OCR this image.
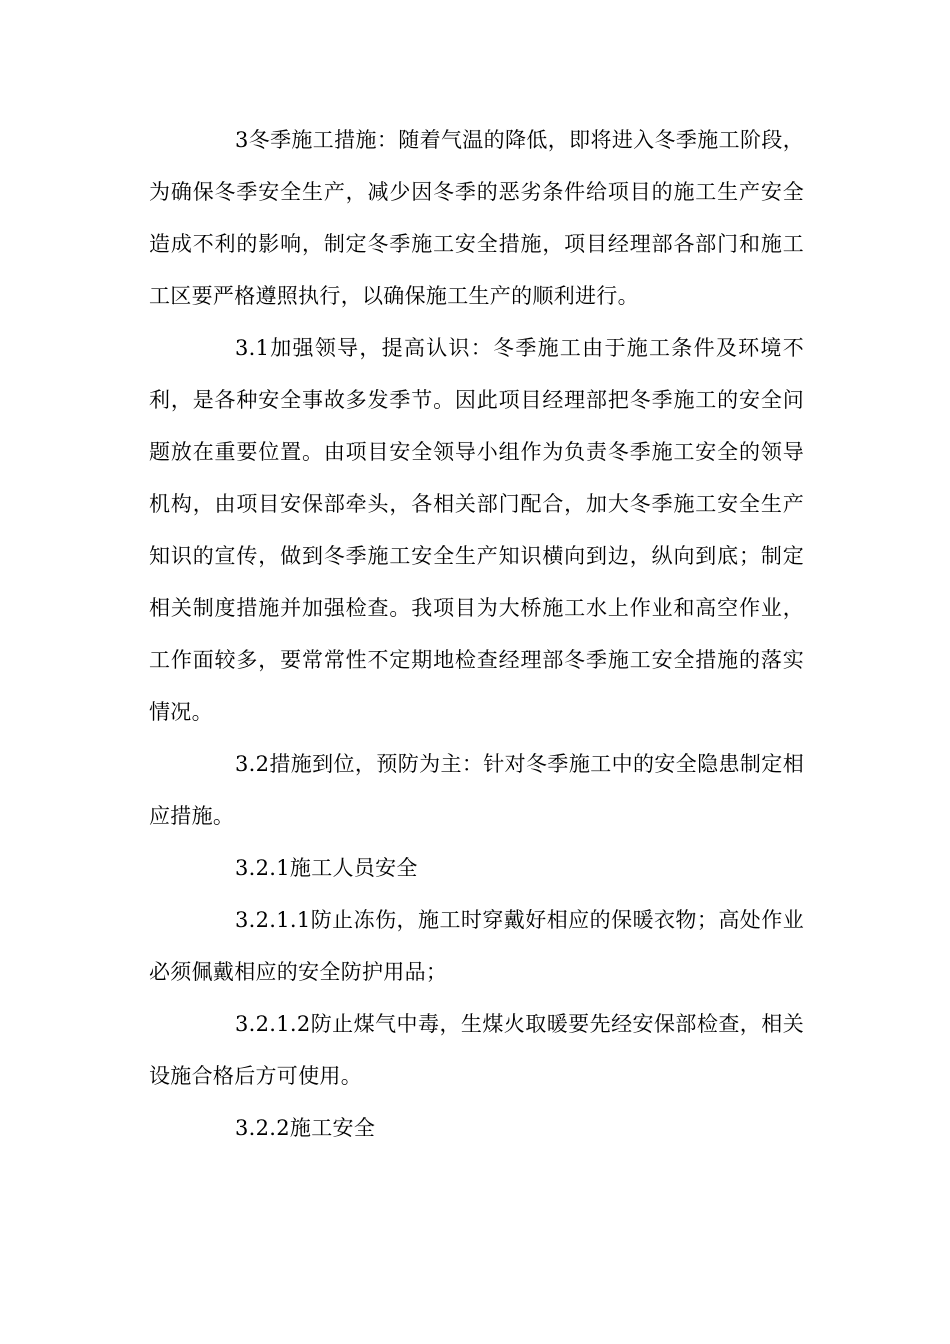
3冬季施工措施：随着气温的降低，即将进入冬季施工阶段，为确保冬季安全生产，减少因冬季的恶劣条件给项目的施工生产安全造成不利的影响，制定冬季施工安全措施，项目经理部各部门和施工工区要严格遵照执行，以确保施工生产的顺利进行。

3.1加强领导，提高认识：冬季施工由于施工条件及环境不利，是各种安全事故多发季节。因此项目经理部把冬季施工的安全问题放在重要位置。由项目安全领导小组作为负责冬季施工安全的领导机构，由项目安保部牵头，各相关部门配合，加大冬季施工安全生产知识的宣传，做到冬季施工安全生产知识横向到边，纵向到底；制定相关制度措施并加强检查。我项目为大桥施工水上作业和高空作业，工作面较多，要常常性不定期地检查经理部冬季施工安全措施的落实情况。

3.2措施到位，预防为主：针对冬季施工中的安全隐患制定相应措施。

3.2.1施工人员安全

3.2.1.1防止冻伤，施工时穿戴好相应的保暖衣物；高处作业必须佩戴相应的安全防护用品；

3.2.1.2防止煤气中毒，生煤火取暖要先经安保部检查，相关设施合格后方可使用。

3.2.2施工安全
